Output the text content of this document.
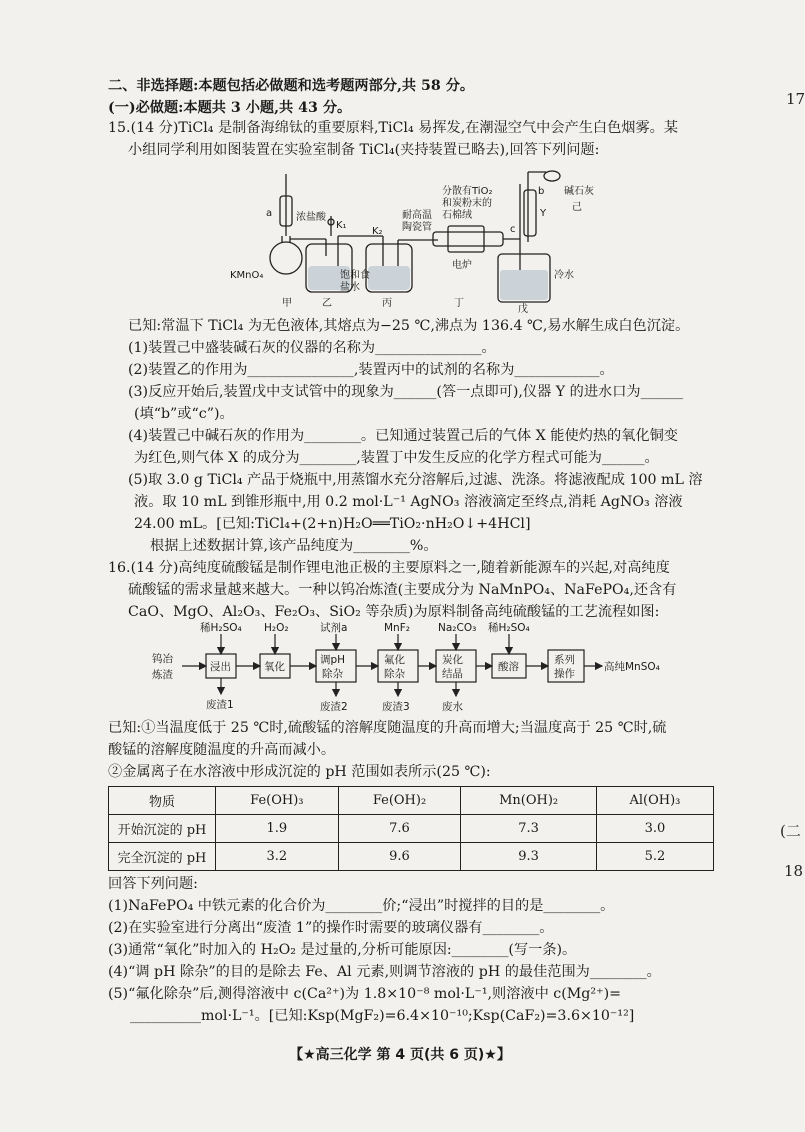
17
(二
18
二、非选择题:本题包括必做题和选考题两部分,共 58 分。
(一)必做题:本题共 3 小题,共 43 分。
15.(14 分)TiCl₄ 是制备海绵钛的重要原料,TiCl₄ 易挥发,在潮湿空气中会产生白色烟雾。某
小组同学利用如图装置在实验室制备 TiCl₄(夹持装置已略去),回答下列问题:
a 浓盐酸
K₁
K₂
KMnO₄	饱和食
盐水
耐高温
陶瓷管
分散有TiO₂
和炭粉末的
石棉绒
电炉
b
c
Y
碱石灰
己
冷水
甲	乙	丙	丁
戊
已知:常温下 TiCl₄ 为无色液体,其熔点为−25 ℃,沸点为 136.4 ℃,易水解生成白色沉淀。
(1)装置己中盛装碱石灰的仪器的名称为_______________。
(2)装置乙的作用为_______________,装置丙中的试剂的名称为____________。
(3)反应开始后,装置戊中支试管中的现象为______(答一点即可),仪器 Y 的进水口为______
(填“b”或“c”)。
(4)装置己中碱石灰的作用为________。已知通过装置己后的气体 X 能使灼热的氧化铜变
为红色,则气体 X 的成分为________,装置丁中发生反应的化学方程式可能为______。
(5)取 3.0 g TiCl₄ 产品于烧瓶中,用蒸馏水充分溶解后,过滤、洗涤。将滤液配成 100 mL 溶
液。取 10 mL 到锥形瓶中,用 0.2 mol·L⁻¹ AgNO₃ 溶液滴定至终点,消耗 AgNO₃ 溶液
24.00 mL。[已知:TiCl₄+(2+n)H₂O══TiO₂·nH₂O↓+4HCl]
根据上述数据计算,该产品纯度为________%。
16.(14 分)高纯度硫酸锰是制作锂电池正极的主要原料之一,随着新能源车的兴起,对高纯度
硫酸锰的需求量越来越大。一种以钨冶炼渣(主要成分为 NaMnPO₄、NaFePO₄,还含有
CaO、MgO、Al₂O₃、Fe₂O₃、SiO₂ 等杂质)为原料制备高纯硫酸锰的工艺流程如图:
钨冶
炼渣
浸出	氧化
调pH
除杂
氟化
除杂
炭化
结晶
酸溶
系列
操作
高纯MnSO₄
稀H₂SO₄ H₂O₂	试剂a	MnF₂	Na₂CO₃ 稀H₂SO₄
废渣1	废渣2	废渣3	废水
已知:①当温度低于 25 ℃时,硫酸锰的溶解度随温度的升高而增大;当温度高于 25 ℃时,硫
酸锰的溶解度随温度的升高而减小。
②金属离子在水溶液中形成沉淀的 pH 范围如表所示(25 ℃):
物质	Fe(OH)₃	Fe(OH)₂	Mn(OH)₂	Al(OH)₃
开始沉淀的 pH	1.9	7.6	7.3	3.0
完全沉淀的 pH	3.2	9.6	9.3	5.2
回答下列问题:
(1)NaFePO₄ 中铁元素的化合价为________价;“浸出”时搅拌的目的是________。
(2)在实验室进行分离出“废渣 1”的操作时需要的玻璃仪器有________。
(3)通常“氧化”时加入的 H₂O₂ 是过量的,分析可能原因:________(写一条)。
(4)“调 pH 除杂”的目的是除去 Fe、Al 元素,则调节溶液的 pH 的最佳范围为________。
(5)“氟化除杂”后,测得溶液中 c(Ca²⁺)为 1.8×10⁻⁸ mol·L⁻¹,则溶液中 c(Mg²⁺)=
__________mol·L⁻¹。[已知:Ksp(MgF₂)=6.4×10⁻¹⁰;Ksp(CaF₂)=3.6×10⁻¹²]
【★高三化学 第 4 页(共 6 页)★】
